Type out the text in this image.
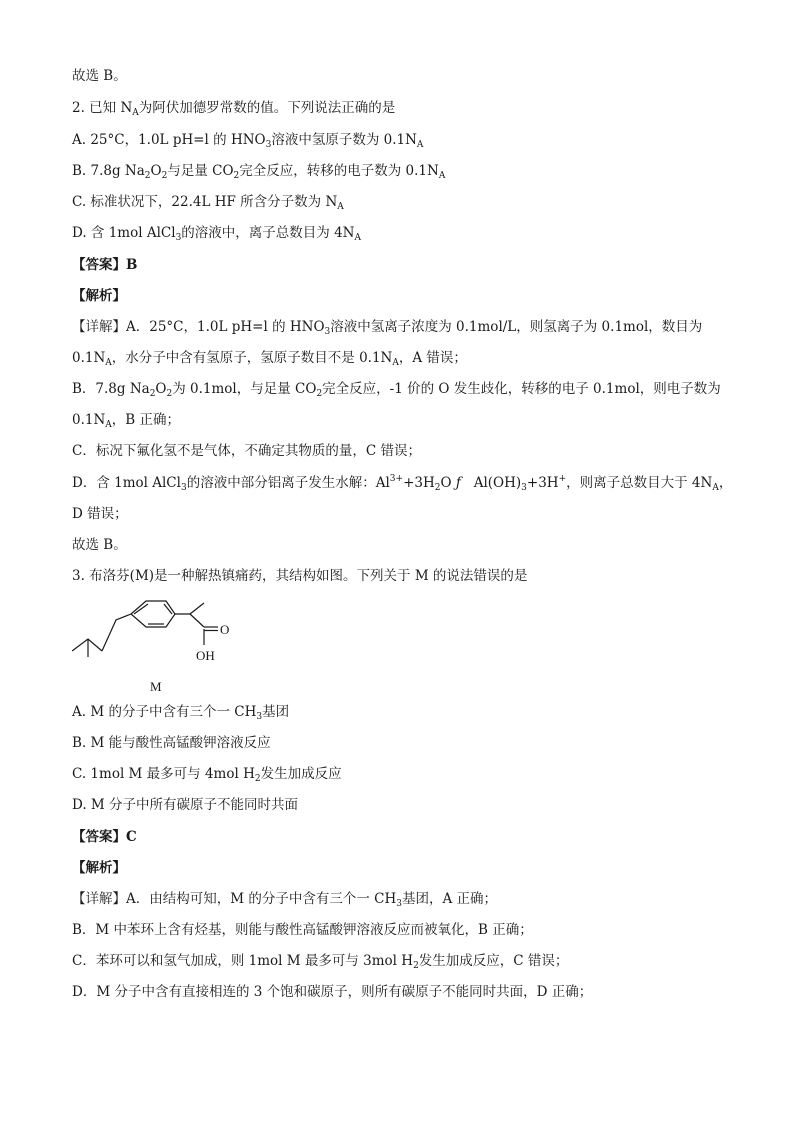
故选 B。
2. 已知 $N_A$为阿伏加德罗常数的值。下列说法正确的是
A. 25°C，1.0L pH=l 的 $HNO_3$溶液中氢原子数为 $0.1N_A$
B. 7.8g $Na_2O_2$与足量 $CO_2$完全反应，转移的电子数为 $0.1N_A$
C. 标准状况下，22.4L HF 所含分子数为 $N_A$
D. 含 1mol AlCl$_3$的溶液中，离子总数目为 $4N_A$
【答案】B
【解析】
【详解】A．25°C，1.0L pH=l 的 $HNO_3$溶液中氢离子浓度为 0.1mol/L，则氢离子为 0.1mol，数目为
$0.1N_A$，水分子中含有氢原子，氢原子数目不是 $0.1N_A$，A 错误；
B．7.8g $Na_2O_2$为 0.1mol，与足量 $CO_2$完全反应，-1 价的 O 发生歧化，转移的电子 0.1mol，则电子数为
$0.1N_A$，B 正确；
C．标况下氟化氢不是气体，不确定其物质的量，C 错误；
D．含 1mol AlCl$_3$的溶液中部分铝离子发生水解：$Al^{3+}+3H_2O$ ƒ   $Al(OH)_3+3H^+$，则离子总数目大于 $4N_A$，
D 错误；
故选 B。
3. 布洛芬(M)是一种解热镇痛药，其结构如图。下列关于 M 的说法错误的是
O
OH
M
A. M 的分子中含有三个一 $CH_3$基团
B. M 能与酸性高锰酸钾溶液反应
C. 1mol M 最多可与 4mol $H_2$发生加成反应
D. M 分子中所有碳原子不能同时共面
【答案】C
【解析】
【详解】A．由结构可知，M 的分子中含有三个一 $CH_3$基团，A 正确；
B．M 中苯环上含有烃基，则能与酸性高锰酸钾溶液反应而被氧化，B 正确；
C．苯环可以和氢气加成，则 1mol M 最多可与 3mol $H_2$发生加成反应，C 错误；
D．M 分子中含有直接相连的 3 个饱和碳原子，则所有碳原子不能同时共面，D 正确；
